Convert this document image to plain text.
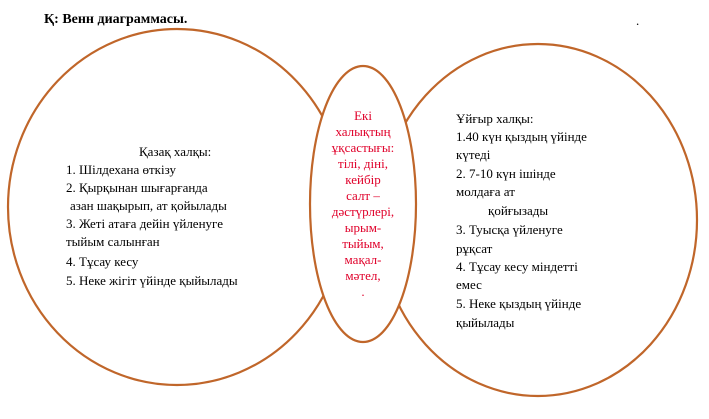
Қ: Венн диаграммасы.	.
Қазақ халқы:
1. Шілдехана өткізу
2. Қырқынан шығарғанда
азан шақырып, ат қойылады
3. Жеті атаға дейін үйленуге
тыйым салынған
4. Тұсау кесу
5. Неке жігіт үйінде қыйылады
Екі
халықтың
ұқсастығы:
тілі, діні,
кейбір
салт –
дәстүрлері,
ырым-
тыйым,
мақал-
мәтел,
.
Ұйғыр халқы:
1.40 күн қыздың үйінде
күтеді
2. 7-10 күн ішінде
молдаға ат
қойғызады
3. Туысқа үйленуге
рұқсат
4. Тұсау кесу міндетті
емес
5. Неке қыздың үйінде
қыйылады
